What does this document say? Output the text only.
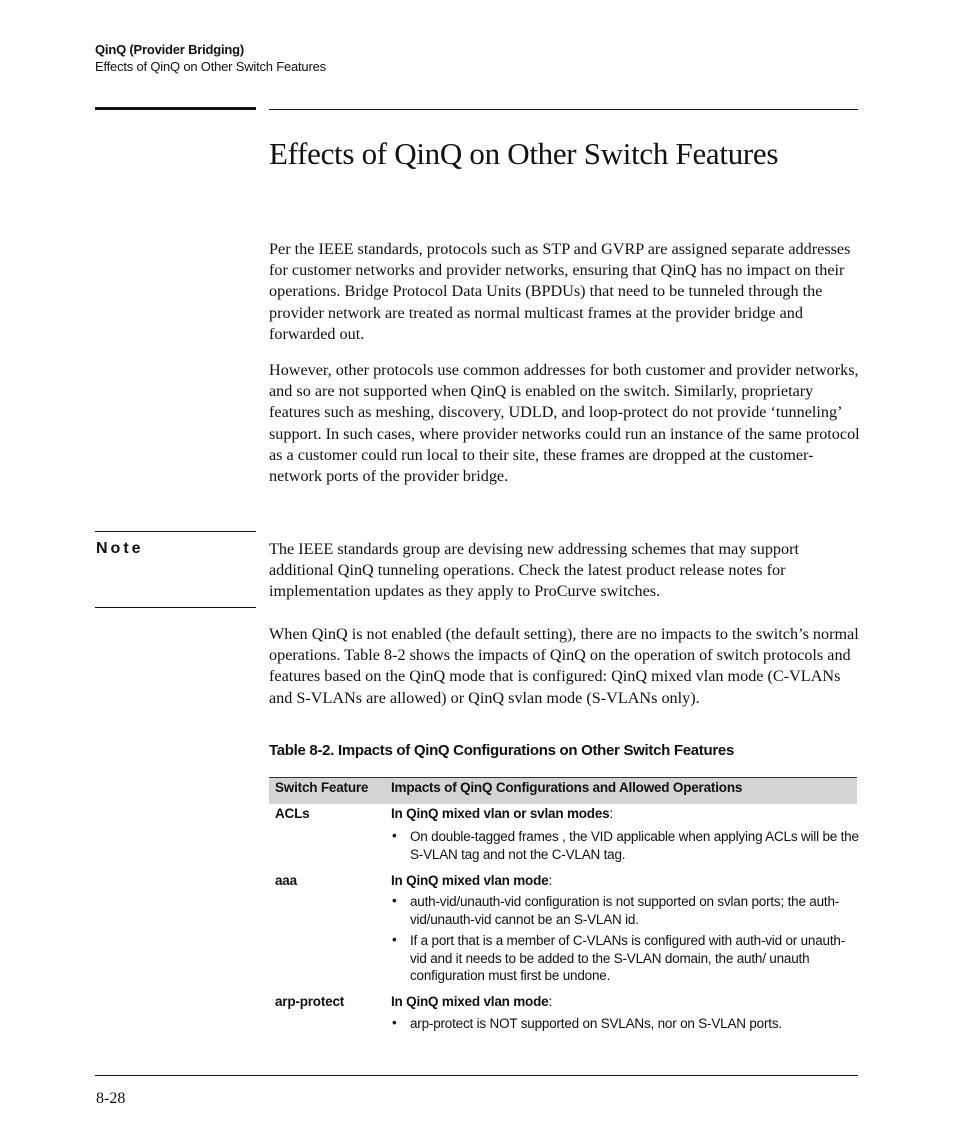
QinQ (Provider Bridging)
Effects of QinQ on Other Switch Features
Effects of QinQ on Other Switch Features

Per the IEEE standards, protocols such as STP and GVRP are assigned separate addresses for customer networks and provider networks, ensuring that QinQ has no impact on their operations. Bridge Protocol Data Units (BPDUs) that need to be tunneled through the provider network are treated as normal multicast frames at the provider bridge and forwarded out.

However, other protocols use common addresses for both customer and provider networks, and so are not supported when QinQ is enabled on the switch. Similarly, proprietary features such as meshing, discovery, UDLD, and loop-protect do not provide ‘tunneling’ support. In such cases, where provider networks could run an instance of the same protocol as a customer could run local to their site, these frames are dropped at the customer-network ports of the provider bridge.

Note	The IEEE standards group are devising new addressing schemes that may support additional QinQ tunneling operations. Check the latest product release notes for implementation updates as they apply to ProCurve switches.

When QinQ is not enabled (the default setting), there are no impacts to the switch’s normal operations. Table 8-2 shows the impacts of QinQ on the operation of switch protocols and features based on the QinQ mode that is configured: QinQ mixed vlan mode (C-VLANs and S-VLANs are allowed) or QinQ svlan mode (S-VLANs only).

Table 8-2. Impacts of QinQ Configurations on Other Switch Features
Switch Feature Impacts of QinQ Configurations and Allowed Operations
ACLs	In QinQ mixed vlan or svlan modes:
• On double-tagged frames , the VID applicable when applying ACLs will be the S-VLAN tag and not the C-VLAN tag.
aaa	In QinQ mixed vlan mode:
• auth-vid/unauth-vid configuration is not supported on svlan ports; the auth-vid/unauth-vid cannot be an S-VLAN id.
• If a port that is a member of C-VLANs is configured with auth-vid or unauth-vid and it needs to be added to the S-VLAN domain, the auth/ unauth configuration must first be undone.
arp-protect	In QinQ mixed vlan mode:
• arp-protect is NOT supported on SVLANs, nor on S-VLAN ports.
8-28
